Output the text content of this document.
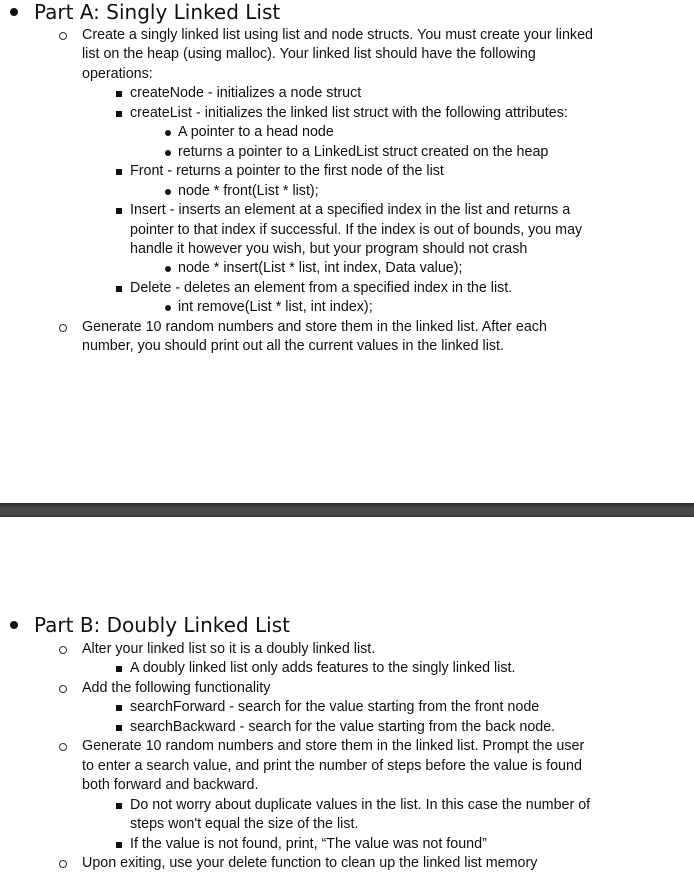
Part A: Singly Linked List
Create a singly linked list using list and node structs. You must create your linked
list on the heap (using malloc). Your linked list should have the following
operations:
createNode - initializes a node struct
createList - initializes the linked list struct with the following attributes:
A pointer to a head node
returns a pointer to a LinkedList struct created on the heap
Front - returns a pointer to the first node of the list
node * front(List * list);
Insert - inserts an element at a specified index in the list and returns a
pointer to that index if successful. If the index is out of bounds, you may
handle it however you wish, but your program should not crash
node * insert(List * list, int index, Data value);
Delete - deletes an element from a specified index in the list.
int remove(List * list, int index);
Generate 10 random numbers and store them in the linked list. After each
number, you should print out all the current values in the linked list.
Part B: Doubly Linked List
Alter your linked list so it is a doubly linked list.
A doubly linked list only adds features to the singly linked list.
Add the following functionality
searchForward - search for the value starting from the front node
searchBackward - search for the value starting from the back node.
Generate 10 random numbers and store them in the linked list. Prompt the user
to enter a search value, and print the number of steps before the value is found
both forward and backward.
Do not worry about duplicate values in the list. In this case the number of
steps won't equal the size of the list.
If the value is not found, print, “The value was not found”
Upon exiting, use your delete function to clean up the linked list memory
